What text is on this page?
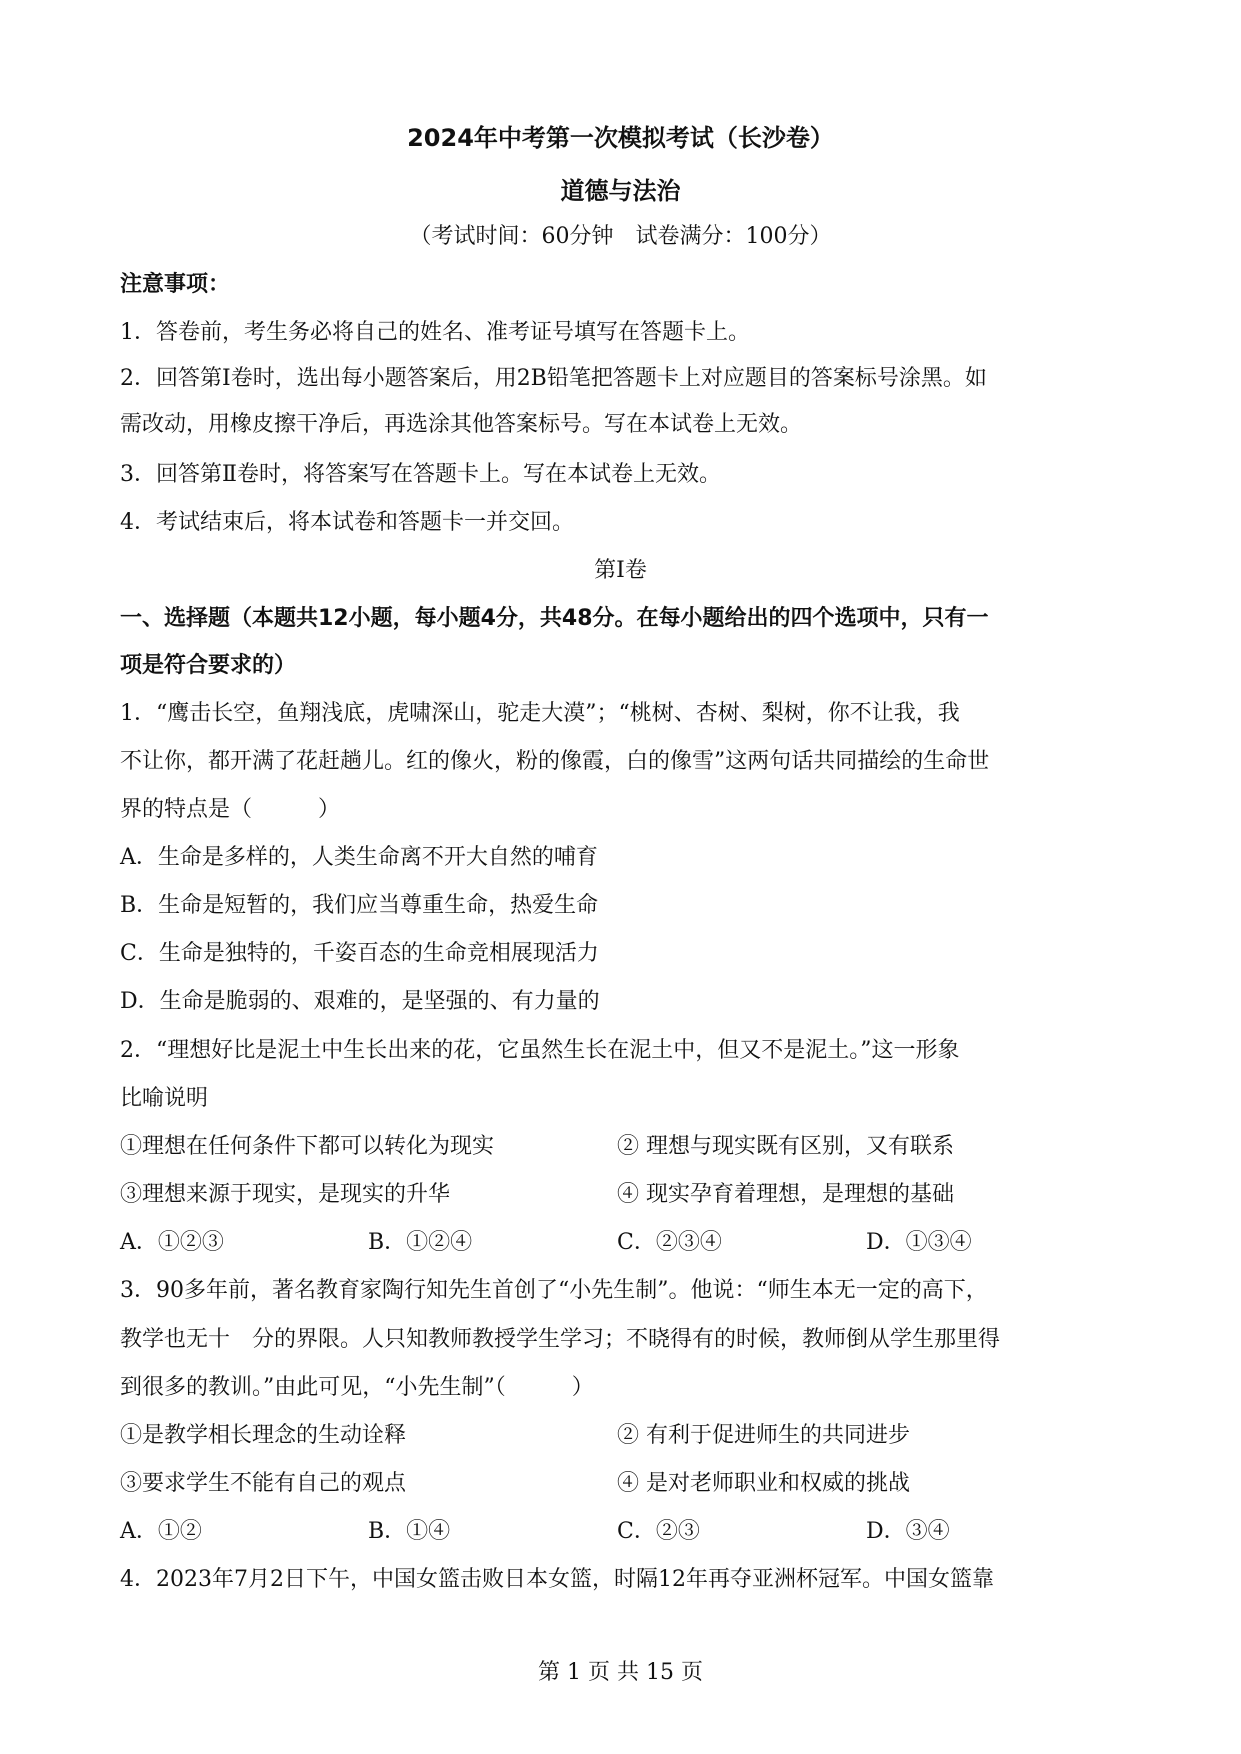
2024年中考第一次模拟考试（长沙卷）
道德与法治
（考试时间：60分钟　试卷满分：100分）
注意事项：
1．答卷前，考生务必将自己的姓名、准考证号填写在答题卡上。
2．回答第Ⅰ卷时，选出每小题答案后，用2B铅笔把答题卡上对应题目的答案标号涂黑。如
需改动，用橡皮擦干净后，再选涂其他答案标号。写在本试卷上无效。
3．回答第Ⅱ卷时，将答案写在答题卡上。写在本试卷上无效。
4．考试结束后，将本试卷和答题卡一并交回。
第Ⅰ卷
一、选择题（本题共12小题，每小题4分，共48分。在每小题给出的四个选项中，只有一
项是符合要求的）
1．“鹰击长空，鱼翔浅底，虎啸深山，驼走大漠”；“桃树、杏树、梨树，你不让我，我
不让你，都开满了花赶趟儿。红的像火，粉的像霞，白的像雪”这两句话共同描绘的生命世
界的特点是（　　　）
A．生命是多样的，人类生命离不开大自然的哺育
B．生命是短暂的，我们应当尊重生命，热爱生命
C．生命是独特的，千姿百态的生命竞相展现活力
D．生命是脆弱的、艰难的，是坚强的、有力量的
2．“理想好比是泥土中生长出来的花，它虽然生长在泥土中，但又不是泥土。”这一形象
比喻说明
①理想在任何条件下都可以转化为现实	② 理想与现实既有区别，又有联系
③理想来源于现实，是现实的升华	④ 现实孕育着理想，是理想的基础
A．①②③	B．①②④	C．②③④	D．①③④
3．90多年前，著名教育家陶行知先生首创了“小先生制”。他说：“师生本无一定的高下，
教学也无十　分的界限。人只知教师教授学生学习；不晓得有的时候，教师倒从学生那里得
到很多的教训。”由此可见，“小先生制”（　　　）
①是教学相长理念的生动诠释	② 有利于促进师生的共同进步
③要求学生不能有自己的观点	④ 是对老师职业和权威的挑战
A．①②	B．①④	C．②③	D．③④
4．2023年7月2日下午，中国女篮击败日本女篮，时隔12年再夺亚洲杯冠军。中国女篮靠
第 1 页 共 15 页
